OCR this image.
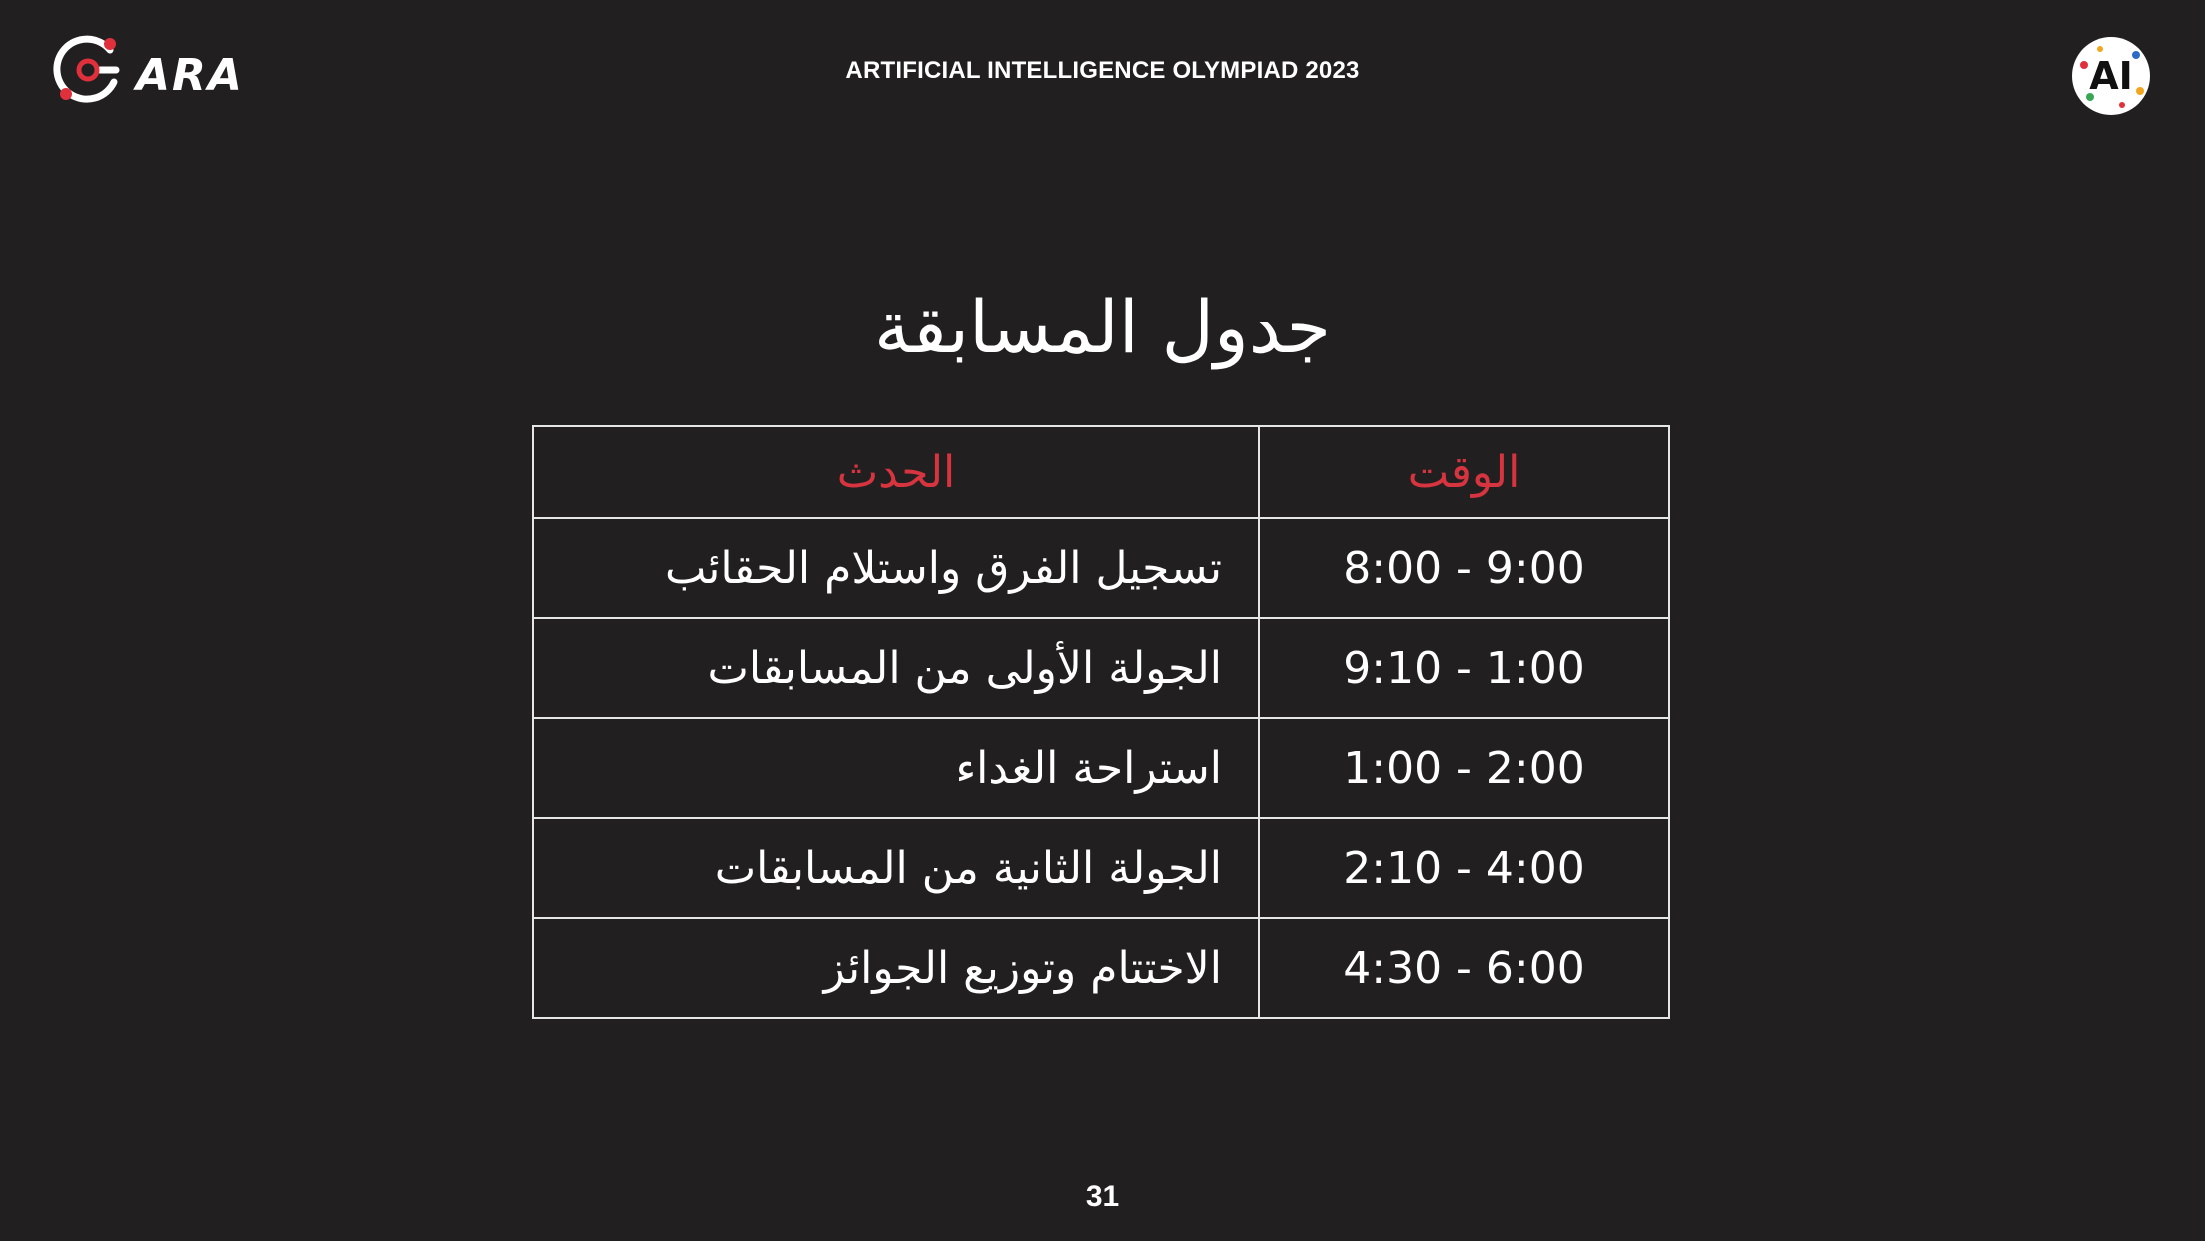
ARA	ARTIFICIAL INTELLIGENCE OLYMPIAD 2023	AI
جدول المسابقة
الوقت	الحدث
8:00 - 9:00	تسجيل الفرق واستلام الحقائب
9:10 - 1:00	الجولة الأولى من المسابقات
1:00 - 2:00	استراحة الغداء
2:10 - 4:00	الجولة الثانية من المسابقات
4:30 - 6:00	الاختتام وتوزيع الجوائز
31
